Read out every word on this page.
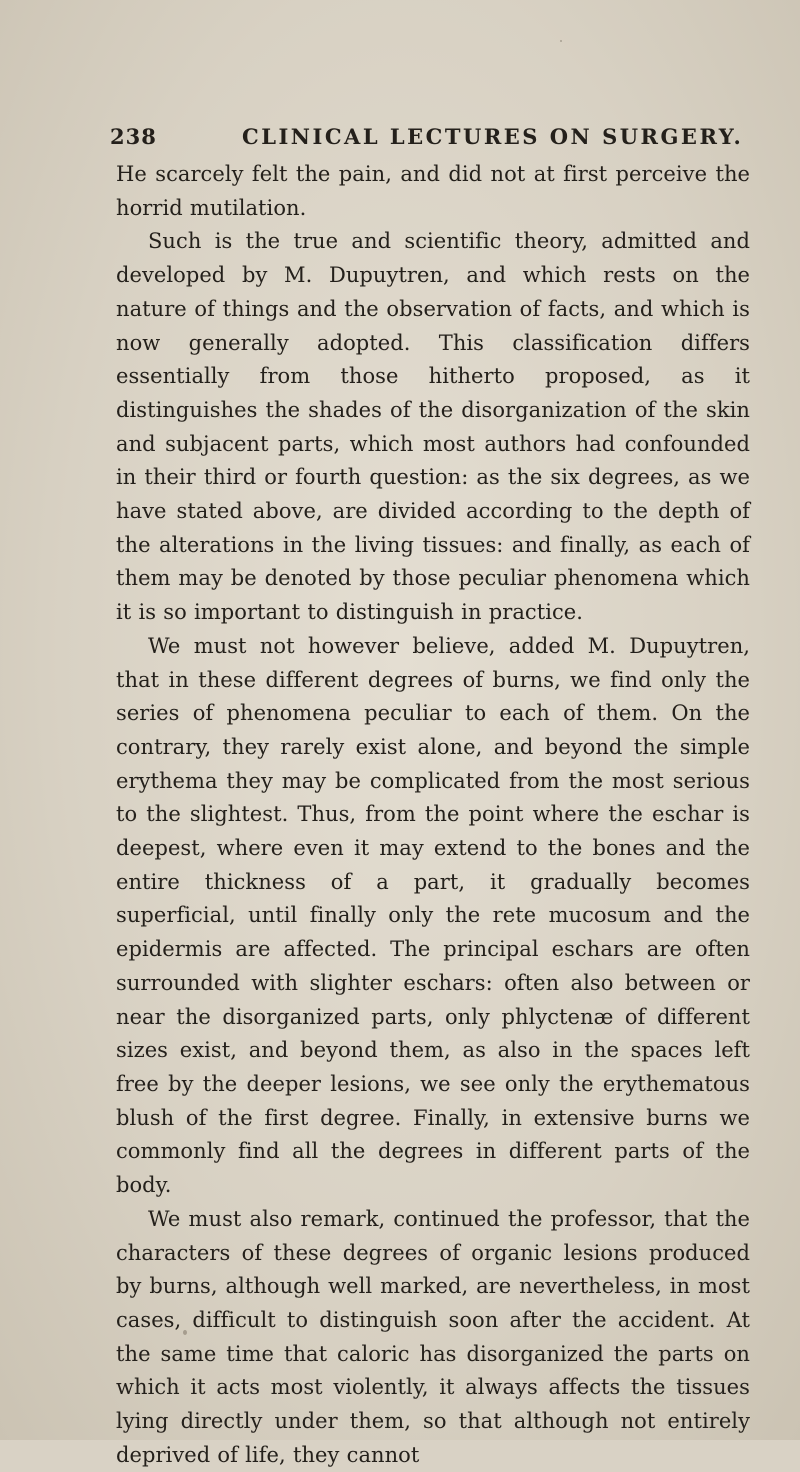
238	CLINICAL LECTURES ON SURGERY.

He scarcely felt the pain, and did not at first perceive the horrid mutilation.

Such is the true and scientific theory, admitted and developed by M. Dupuytren, and which rests on the nature of things and the observation of facts, and which is now generally adopted. This classification differs essentially from those hitherto proposed, as it distinguishes the shades of the disorganization of the skin and subjacent parts, which most authors had confounded in their third or fourth question: as the six degrees, as we have stated above, are divided according to the depth of the alterations in the living tissues: and finally, as each of them may be denoted by those peculiar phenomena which it is so important to distinguish in practice.

We must not however believe, added M. Dupuytren, that in these different degrees of burns, we find only the series of phenomena peculiar to each of them. On the contrary, they rarely exist alone, and beyond the simple erythema they may be complicated from the most serious to the slightest. Thus, from the point where the eschar is deepest, where even it may extend to the bones and the entire thickness of a part, it gradually becomes superficial, until finally only the rete mucosum and the epidermis are affected. The principal eschars are often surrounded with slighter eschars: often also between or near the disorganized parts, only phlyctenæ of different sizes exist, and beyond them, as also in the spaces left free by the deeper lesions, we see only the erythematous blush of the first degree. Finally, in extensive burns we commonly find all the degrees in different parts of the body.

We must also remark, continued the professor, that the characters of these degrees of organic lesions produced by burns, although well marked, are nevertheless, in most cases, difficult to distinguish soon after the accident. At the same time that caloric has disorganized the parts on which it acts most violently, it always affects the tissues lying directly under them, so that although not entirely deprived of life, they cannot
